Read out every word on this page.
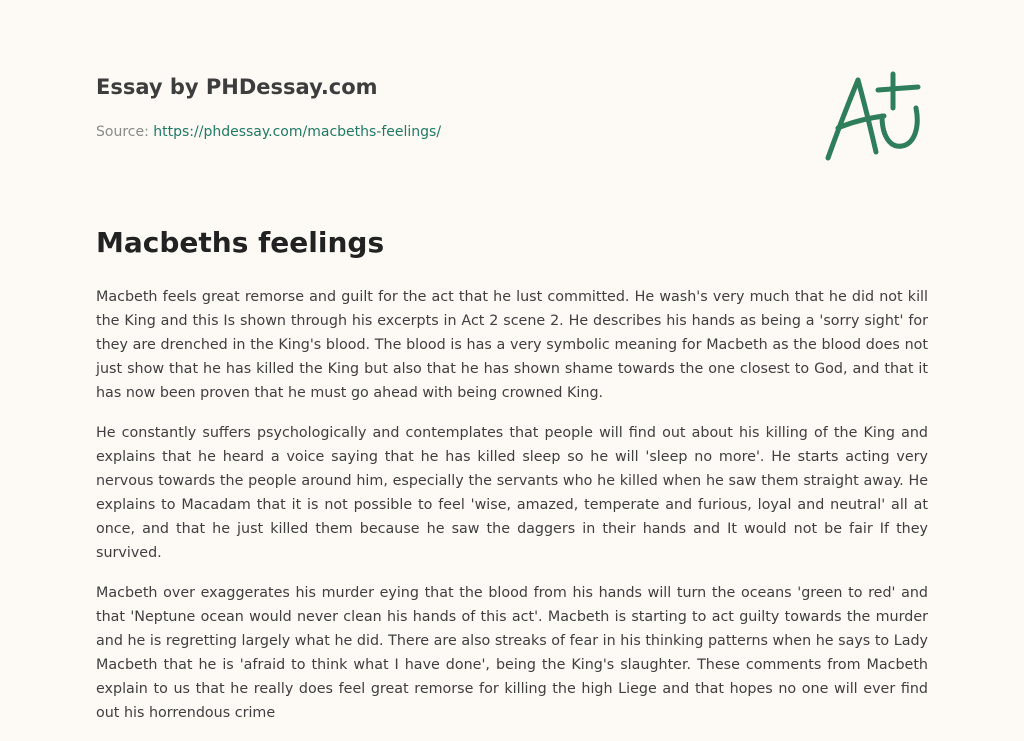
Essay by PHDessay.com
Source: https://phdessay.com/macbeths-feelings/
Macbeths feelings

Macbeth feels great remorse and guilt for the act that he lust committed. He wash's very much that he did not kill the King and this Is shown through his excerpts in Act 2 scene 2. He describes his hands as being a 'sorry sight' for they are drenched in the King's blood. The blood is has a very symbolic meaning for Macbeth as the blood does not just show that he has killed the King but also that he has shown shame towards the one closest to God, and that it has now been proven that he must go ahead with being crowned King.

He constantly suffers psychologically and contemplates that people will find out about his killing of the King and explains that he heard a voice saying that he has killed sleep so he will 'sleep no more'. He starts acting very nervous towards the people around him, especially the servants who he killed when he saw them straight away. He explains to Macadam that it is not possible to feel 'wise, amazed, temperate and furious, loyal and neutral' all at once, and that he just killed them because he saw the daggers in their hands and It would not be fair If they survived.

Macbeth over exaggerates his murder eying that the blood from his hands will turn the oceans 'green to red' and that 'Neptune ocean would never clean his hands of this act'. Macbeth is starting to act guilty towards the murder and he is regretting largely what he did. There are also streaks of fear in his thinking patterns when he says to Lady Macbeth that he is 'afraid to think what I have done', being the King's slaughter. These comments from Macbeth explain to us that he really does feel great remorse for killing the high Liege and that hopes no one will ever find out his horrendous crime
